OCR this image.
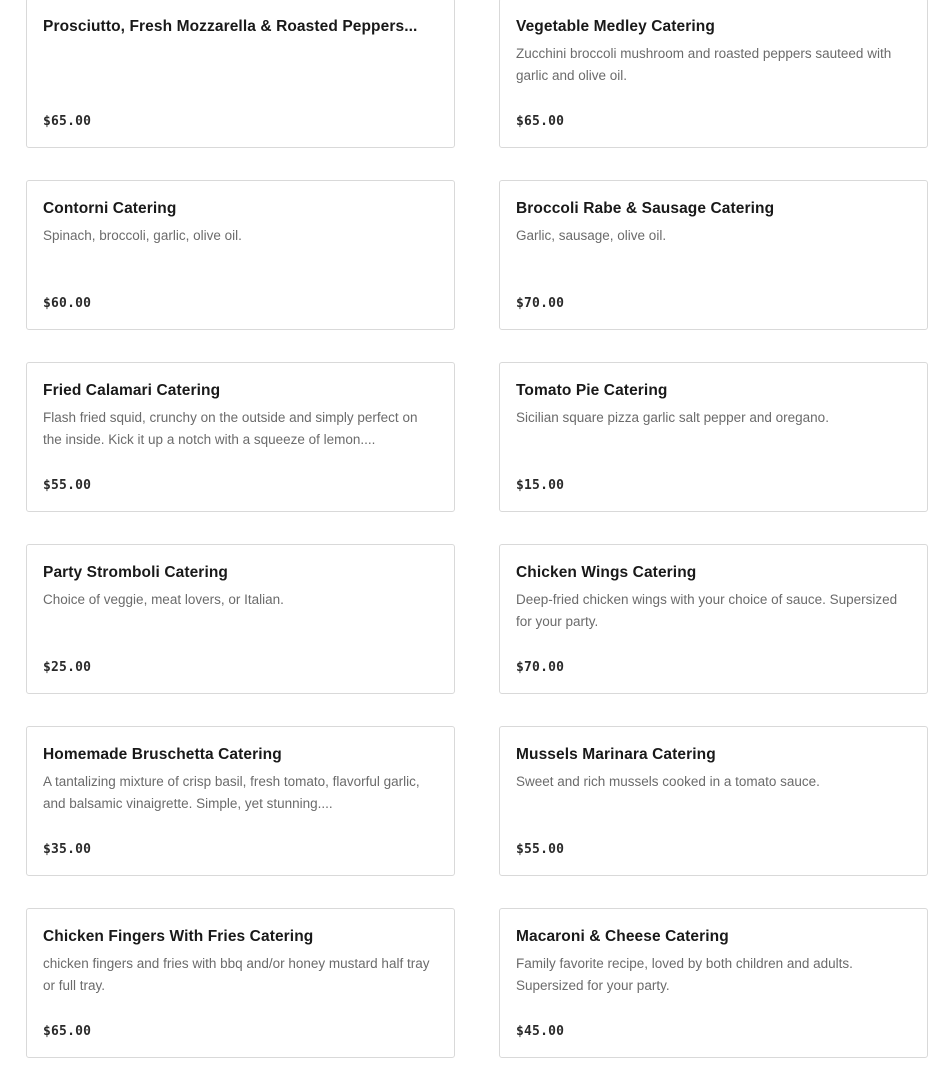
Prosciutto, Fresh Mozzarella & Roasted Peppers...
$65.00
Vegetable Medley Catering
Zucchini broccoli mushroom and roasted peppers sauteed with garlic and olive oil.
$65.00
Contorni Catering
Spinach, broccoli, garlic, olive oil.
$60.00
Broccoli Rabe & Sausage Catering
Garlic, sausage, olive oil.
$70.00
Fried Calamari Catering
Flash fried squid, crunchy on the outside and simply perfect on the inside. Kick it up a notch with a squeeze of lemon....
$55.00
Tomato Pie Catering
Sicilian square pizza garlic salt pepper and oregano.
$15.00
Party Stromboli Catering
Choice of veggie, meat lovers, or Italian.
$25.00
Chicken Wings Catering
Deep-fried chicken wings with your choice of sauce. Supersized for your party.
$70.00
Homemade Bruschetta Catering
A tantalizing mixture of crisp basil, fresh tomato, flavorful garlic, and balsamic vinaigrette. Simple, yet stunning....
$35.00
Mussels Marinara Catering
Sweet and rich mussels cooked in a tomato sauce.
$55.00
Chicken Fingers With Fries Catering
chicken fingers and fries with bbq and/or honey mustard half tray or full tray.
$65.00
Macaroni & Cheese Catering
Family favorite recipe, loved by both children and adults. Supersized for your party.
$45.00
